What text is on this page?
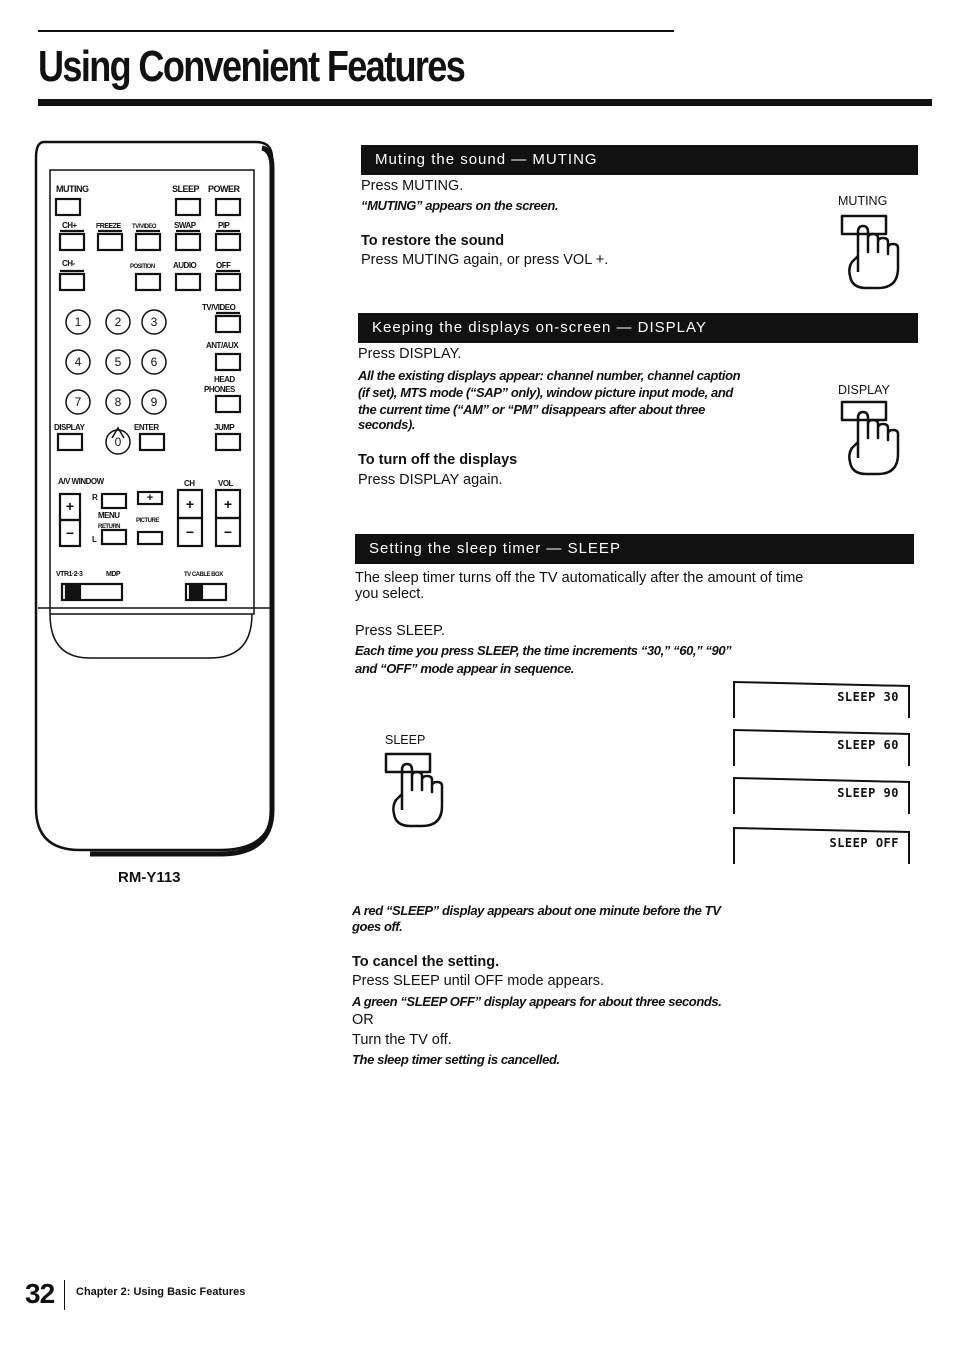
Using Convenient Features
MUTING	SLEEP POWER
CH+	FREEZE TV/VIDEO SWAP	PIP
CH-	POSITION AUDIO OFF
TV/VIDEO
ANT/AUX
HEAD
PHONES
DISPLAY	ENTER	JUMP
A/V WINDOW	CH	VOL
R
L
MENU
RETURN
PICTURE
VTR1·2·3	MDP	TV CABLE BOX
1	2 3
4	5 6
7	8 9
0
+
−
+
−
+
−
+
RM-Y113
Muting the sound — MUTING
Press MUTING.
“MUTING” appears on the screen.
To restore the sound
Press MUTING again, or press VOL +.
MUTING
Keeping the displays on-screen — DISPLAY
Press DISPLAY.
All the existing displays appear: channel number, channel caption
(if set), MTS mode (“SAP” only), window picture input mode, and
the current time (“AM” or “PM” disappears after about three
seconds).
To turn off the displays
Press DISPLAY again.
DISPLAY
Setting the sleep timer — SLEEP
The sleep timer turns off the TV automatically after the amount of time
you select.
Press SLEEP.
Each time you press SLEEP, the time increments “30,” “60,” “90”
and “OFF” mode appear in sequence.
SLEEP
SLEEP 30
SLEEP 60
SLEEP 90
SLEEP OFF
A red “SLEEP” display appears about one minute before the TV
goes off.
To cancel the setting.
Press SLEEP until OFF mode appears.
A green “SLEEP OFF” display appears for about three seconds.
OR
Turn the TV off.
The sleep timer setting is cancelled.
32 Chapter 2: Using Basic Features
